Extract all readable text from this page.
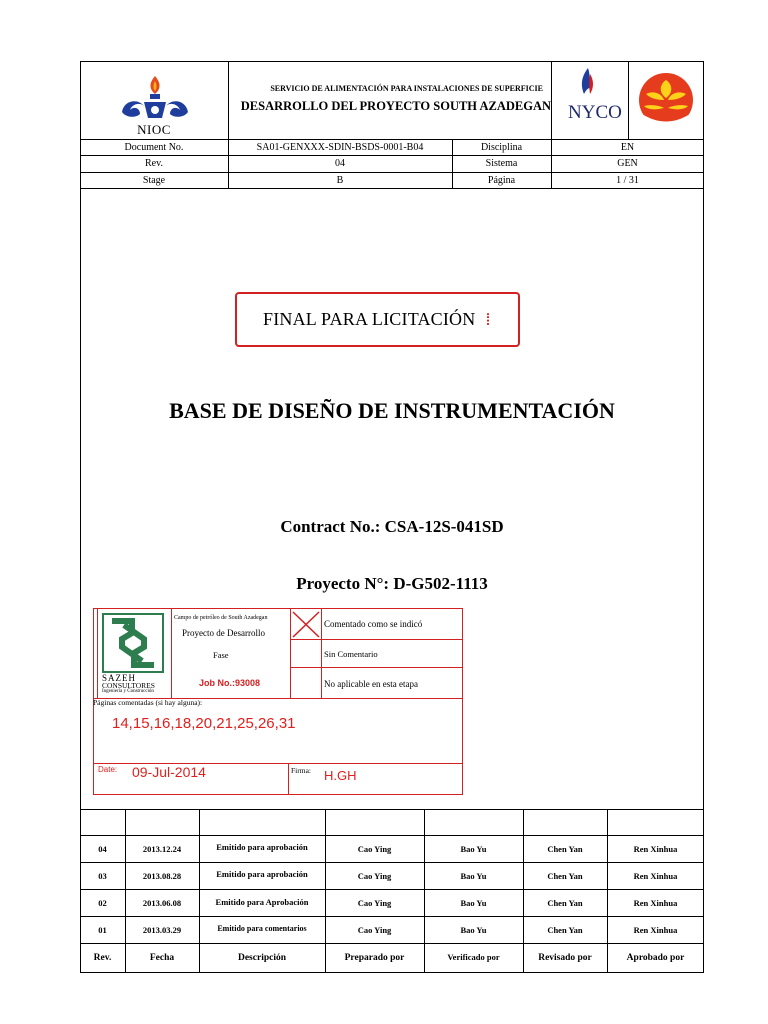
NIOC
SERVICIO DE ALIMENTACIÓN PARA INSTALACIONES DE SUPERFICIE
DESARROLLO DEL PROYECTO SOUTH AZADEGAN NYCO
Document No.	SA01-GENXXX-SDIN-BSDS-0001-B04	Disciplina	EN
Rev.	04	Sistema	GEN
Stage	B	Página	1 / 31
FINAL PARA LICITACIÓN ⁞
BASE DE DISEÑO DE INSTRUMENTACIÓN
Contract No.: CSA-12S-041SD
Proyecto N°: D-G502-1113
SAZEH
CONSULTORES
Ingeniería y Construcción
Campo de petróleo de South Azadegan
Proyecto de Desarrollo
Fase
Job No.:93008
Comentado como se indicó
Sin Comentario
No aplicable en esta etapa
Páginas comentadas (si hay alguna):
14,15,16,18,20,21,25,26,31
Date: 09-Jul-2014	Firma: H.GH
04	2013.12.24	Emitido para aprobación	Cao Ying	Bao Yu	Chen Yan	Ren Xinhua
03	2013.08.28	Emitido para aprobación	Cao Ying	Bao Yu	Chen Yan	Ren Xinhua
02	2013.06.08	Emitido para Aprobación	Cao Ying	Bao Yu	Chen Yan	Ren Xinhua
01	2013.03.29	Emitido para comentarios	Cao Ying	Bao Yu	Chen Yan	Ren Xinhua
Rev.	Fecha	Descripción	Preparado por	Verificado por	Revisado por	Aprobado por
